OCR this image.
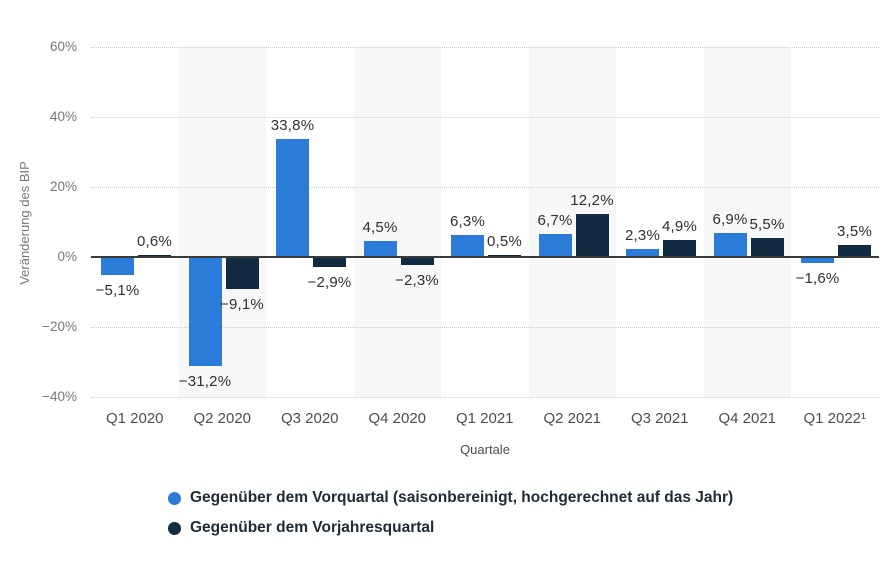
Veränderung des BIP
Quartale
Gegenüber dem Vorquartal (saisonbereinigt, hochgerechnet auf das Jahr)
Gegenüber dem Vorjahresquartal
Q1 2020	Q2 2020	Q3 2020	Q4 2020	Q1 2021	Q2 2021	Q3 2021	Q4 2021	Q1 2022¹
60%
40%
20%
0%
−20%
−40%
−5,1%
−31,2%
33,8%
4,5%	6,3%	6,7%
2,3%
6,9%
−1,6%
0,6%
−9,1%
−2,9%	−2,3%
0,5%
12,2%
4,9%	5,5%	3,5%
